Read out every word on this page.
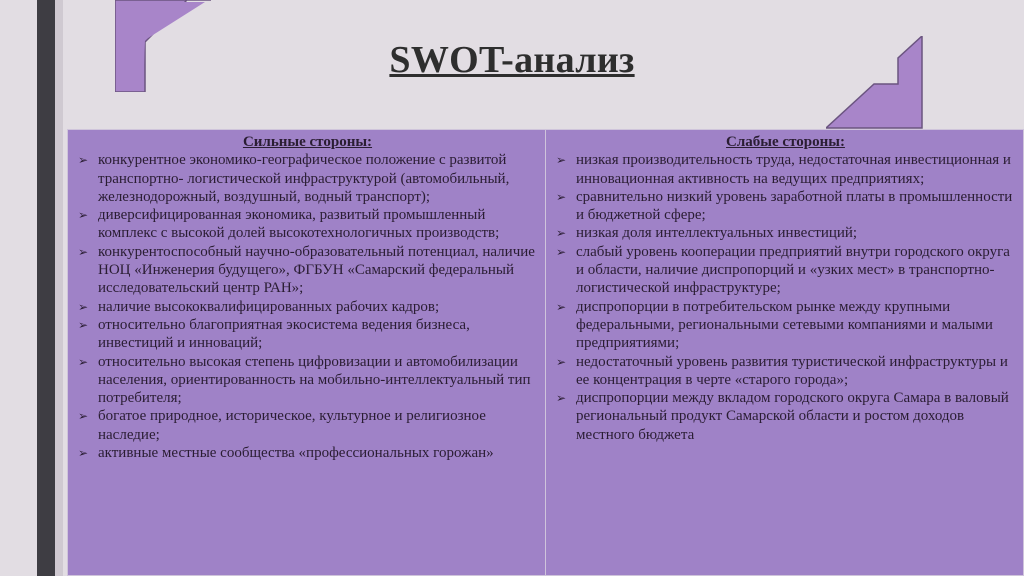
SWOT-анализ
Сильные стороны:
➢ конкурентное экономико-географическое положение с развитой транспортно- логистической инфраструктурой (автомобильный, железнодорожный, воздушный, водный транспорт);
➢ диверсифицированная экономика, развитый промышленный комплекс с высокой долей высокотехнологичных производств;
➢ конкурентоспособный научно-образовательный потенциал, наличие НОЦ «Инженерия будущего», ФГБУН «Самарский федеральный исследовательский центр РАН»;
➢ наличие высококвалифицированных рабочих кадров;
➢ относительно благоприятная экосистема ведения бизнеса, инвестиций и инноваций;
➢ относительно высокая степень цифровизации и автомобилизации населения, ориентированность на мобильно-интеллектуальный тип потребителя;
➢ богатое природное, историческое, культурное и религиозное наследие;
➢ активные местные сообщества «профессиональных горожан»
Слабые стороны:
➢ низкая производительность труда, недостаточная инвестиционная и инновационная активность на ведущих предприятиях;
➢ сравнительно низкий уровень заработной платы в промышленности и бюджетной сфере;
➢ низкая доля интеллектуальных инвестиций;
➢ слабый уровень кооперации предприятий внутри городского округа и области, наличие диспропорций и «узких мест» в транспортно-логистической инфраструктуре;
➢ диспропорции в потребительском рынке между крупными федеральными, региональными сетевыми компаниями и малыми предприятиями;
➢ недостаточный уровень развития туристической инфраструктуры и ее концентрация в черте «старого города»;
➢ диспропорции между вкладом городского округа Самара в валовый региональный продукт Самарской области и ростом доходов местного бюджета
